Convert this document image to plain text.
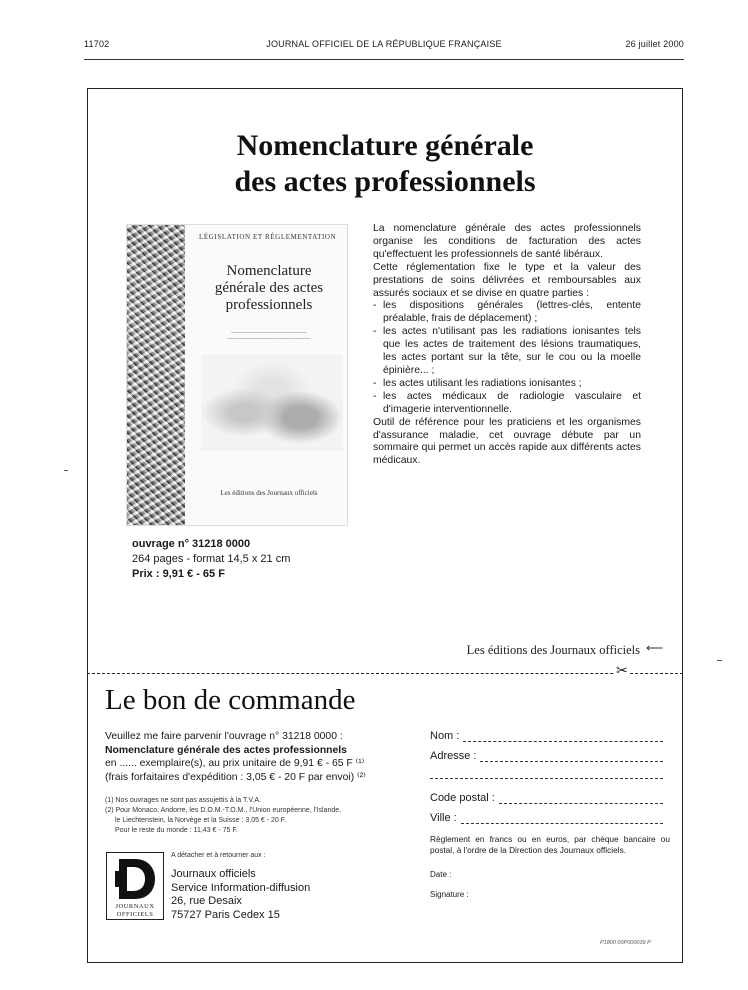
11702	JOURNAL OFFICIEL DE LA RÉPUBLIQUE FRANÇAISE	26 juillet 2000
Nomenclature générale
des actes professionnels
LÉGISLATION ET RÉGLEMENTATION
Nomenclature
générale des actes
professionnels
~~~~~~~~~~~~~~~~~~~~~~~~~~~~
~~~~~~~~~~~~~~~~~~~~~~~~~~~~~~~
Les éditions des Journaux officiels
ouvrage n° 31218 0000
264 pages - format 14,5 x 21 cm
Prix : 9,91 € - 65 F

La nomenclature générale des actes professionnels organise les conditions de facturation des actes qu'effectuent les professionnels de santé libéraux.

Cette réglementation fixe le type et la valeur des prestations de soins délivrées et remboursables aux assurés sociaux et se divise en quatre parties :

- les dispositions générales (lettres-clés, entente préalable, frais de déplacement) ;
- les actes n'utilisant pas les radiations ionisantes tels que les actes de traitement des lésions traumatiques, les actes portant sur la tête, sur le cou ou la moelle épinière... ;
- les actes utilisant les radiations ionisantes ;
- les actes médicaux de radiologie vasculaire et d'imagerie interventionnelle.

Outil de référence pour les praticiens et les organismes d'assurance maladie, cet ouvrage débute par un sommaire qui permet un accès rapide aux différents actes médicaux.

Les éditions des Journaux officiels ⟵
✂
Le bon de commande
Veuillez me faire parvenir l'ouvrage n° 31218 0000 :
Nomenclature générale des actes professionnels
en ...... exemplaire(s), au prix unitaire de 9,91 € - 65 F ⁽¹⁾
(frais forfaitaires d'expédition : 3,05 € - 20 F par envoi) ⁽²⁾
(1) Nos ouvrages ne sont pas assujettis à la T.V.A.
(2) Pour Monaco, Andorre, les D.O.M.-T.O.M., l'Union européenne, l'Islande,
le Liechtenstein, la Norvège et la Suisse : 3,05 € - 20 F.
Pour le reste du monde : 11,43 € - 75 F.
JOURNAUX
OFFICIELS
A détacher et à retourner aux :
Journaux officiels
Service Information-diffusion
26, rue Desaix
75727 Paris Cedex 15
Nom :
Adresse :
Code postal :
Ville :
Règlement en francs ou en euros, par chèque bancaire ou postal, à l'ordre de la Direction des Journaux officiels.
Date :
Signature :
P1800 00P000039 P
